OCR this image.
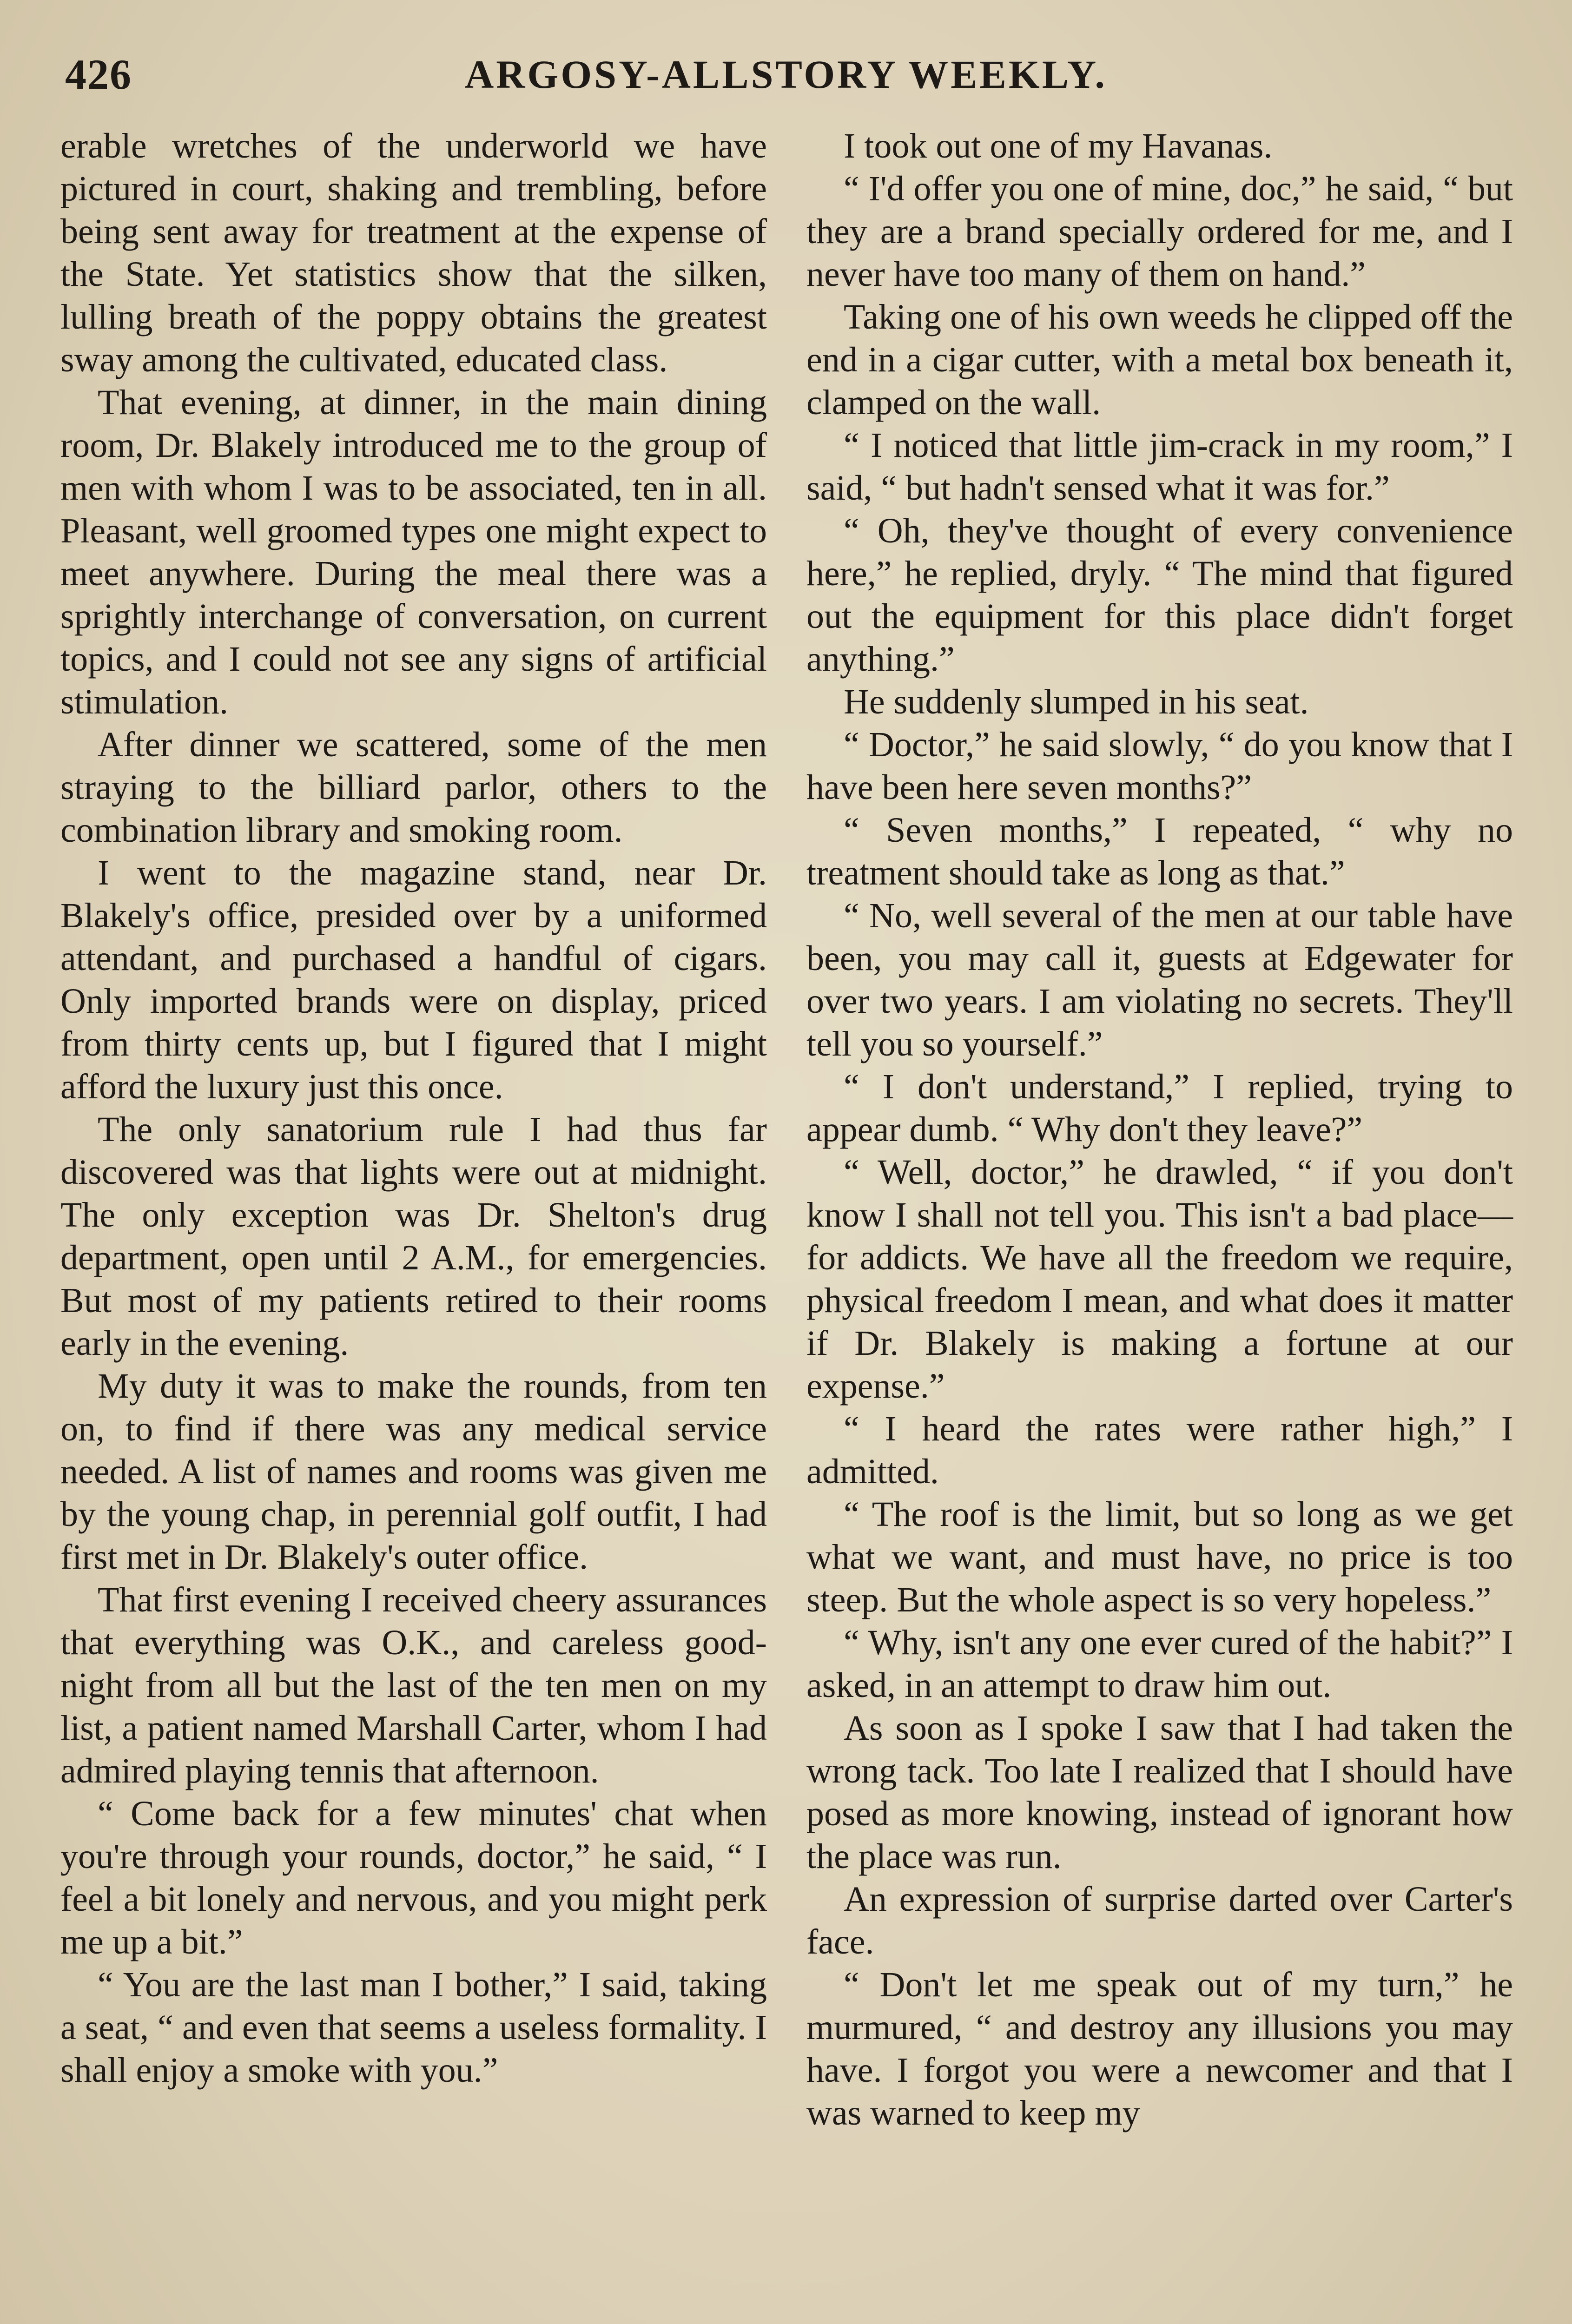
426	ARGOSY-ALLSTORY WEEKLY.

erable wretches of the underworld we have pictured in court, shaking and trembling, before being sent away for treatment at the expense of the State. Yet statistics show that the silken, lulling breath of the poppy obtains the greatest sway among the cultivated, educated class.

That evening, at dinner, in the main dining room, Dr. Blakely introduced me to the group of men with whom I was to be associated, ten in all. Pleasant, well groomed types one might expect to meet anywhere. During the meal there was a sprightly interchange of conversation, on current topics, and I could not see any signs of artificial stimulation.

After dinner we scattered, some of the men straying to the billiard parlor, others to the combination library and smoking room.

I went to the magazine stand, near Dr. Blakely's office, presided over by a uniformed attendant, and purchased a handful of cigars. Only imported brands were on display, priced from thirty cents up, but I figured that I might afford the luxury just this once.

The only sanatorium rule I had thus far discovered was that lights were out at midnight. The only exception was Dr. Shelton's drug department, open until 2 A.M., for emergencies. But most of my patients retired to their rooms early in the evening.

My duty it was to make the rounds, from ten on, to find if there was any medical service needed. A list of names and rooms was given me by the young chap, in perennial golf outfit, I had first met in Dr. Blakely's outer office.

That first evening I received cheery assurances that everything was O.K., and careless good-night from all but the last of the ten men on my list, a patient named Marshall Carter, whom I had admired playing tennis that afternoon.

“ Come back for a few minutes' chat when you're through your rounds, doctor,” he said, “ I feel a bit lonely and nervous, and you might perk me up a bit.”

“ You are the last man I bother,” I said, taking a seat, “ and even that seems a useless formality. I shall enjoy a smoke with you.”

I took out one of my Havanas.

“ I'd offer you one of mine, doc,” he said, “ but they are a brand specially ordered for me, and I never have too many of them on hand.”

Taking one of his own weeds he clipped off the end in a cigar cutter, with a metal box beneath it, clamped on the wall.

“ I noticed that little jim-crack in my room,” I said, “ but hadn't sensed what it was for.”

“ Oh, they've thought of every convenience here,” he replied, dryly. “ The mind that figured out the equipment for this place didn't forget anything.”

He suddenly slumped in his seat.

“ Doctor,” he said slowly, “ do you know that I have been here seven months?”

“ Seven months,” I repeated, “ why no treatment should take as long as that.”

“ No, well several of the men at our table have been, you may call it, guests at Edgewater for over two years. I am violating no secrets. They'll tell you so yourself.”

“ I don't understand,” I replied, trying to appear dumb. “ Why don't they leave?”

“ Well, doctor,” he drawled, “ if you don't know I shall not tell you. This isn't a bad place—for addicts. We have all the freedom we require, physical freedom I mean, and what does it matter if Dr. Blakely is making a fortune at our expense.”

“ I heard the rates were rather high,” I admitted.

“ The roof is the limit, but so long as we get what we want, and must have, no price is too steep. But the whole aspect is so very hopeless.”

“ Why, isn't any one ever cured of the habit?” I asked, in an attempt to draw him out.

As soon as I spoke I saw that I had taken the wrong tack. Too late I realized that I should have posed as more knowing, instead of ignorant how the place was run.

An expression of surprise darted over Carter's face.

“ Don't let me speak out of my turn,” he murmured, “ and destroy any illusions you may have. I forgot you were a newcomer and that I was warned to keep my
